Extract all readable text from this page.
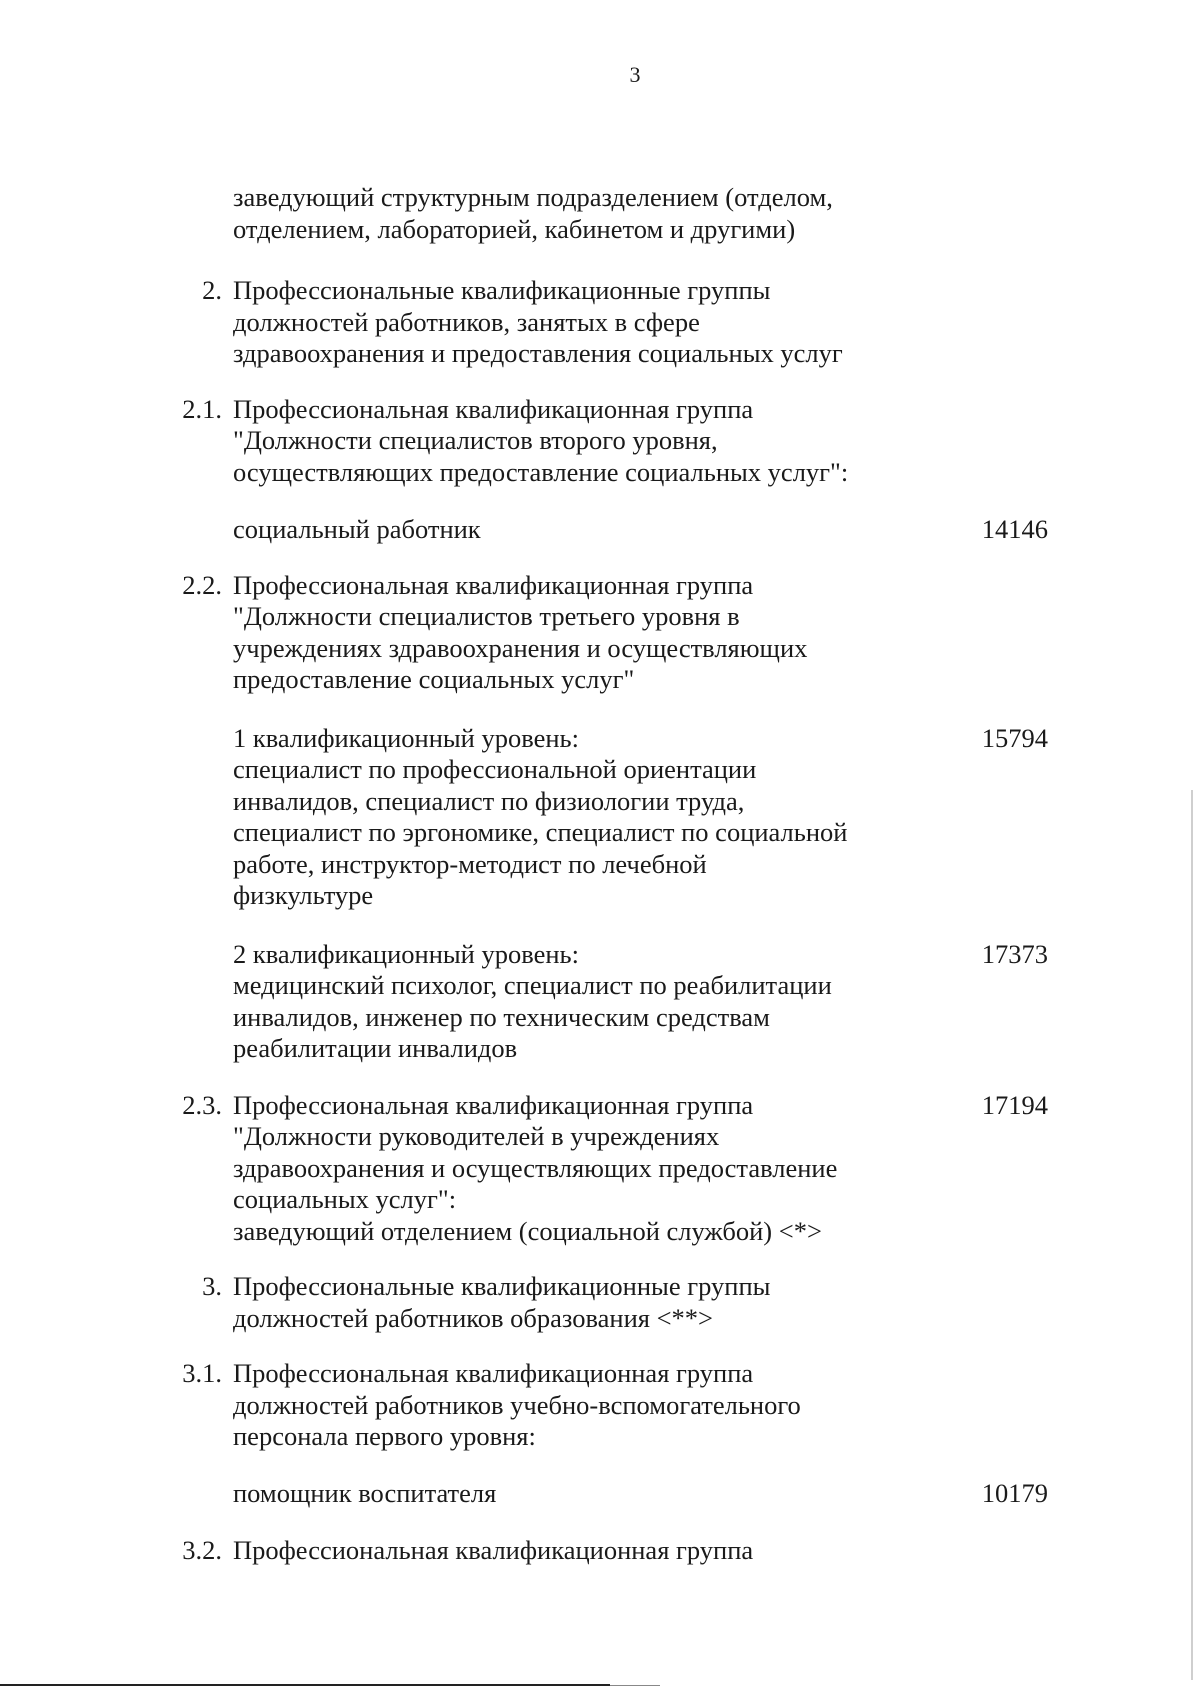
3
заведующий структурным подразделением (отделом,
отделением, лабораторией, кабинетом и другими)
2. Профессиональные квалификационные группы
должностей работников, занятых в сфере
здравоохранения и предоставления социальных услуг
2.1. Профессиональная квалификационная группа
"Должности специалистов второго уровня,
осуществляющих предоставление социальных услуг":
социальный работник	14146
2.2. Профессиональная квалификационная группа
"Должности специалистов третьего уровня в
учреждениях здравоохранения и осуществляющих
предоставление социальных услуг"
1 квалификационный уровень:
специалист по профессиональной ориентации
инвалидов, специалист по физиологии труда,
специалист по эргономике, специалист по социальной
работе, инструктор-методист по лечебной
физкультуре
15794
2 квалификационный уровень:
медицинский психолог, специалист по реабилитации
инвалидов, инженер по техническим средствам
реабилитации инвалидов
17373
2.3. Профессиональная квалификационная группа
"Должности руководителей в учреждениях
здравоохранения и осуществляющих предоставление
социальных услуг":
заведующий отделением (социальной службой) <*>
17194
3. Профессиональные квалификационные группы
должностей работников образования <**>
3.1. Профессиональная квалификационная группа
должностей работников учебно-вспомогательного
персонала первого уровня:
помощник воспитателя	10179
3.2. Профессиональная квалификационная группа
